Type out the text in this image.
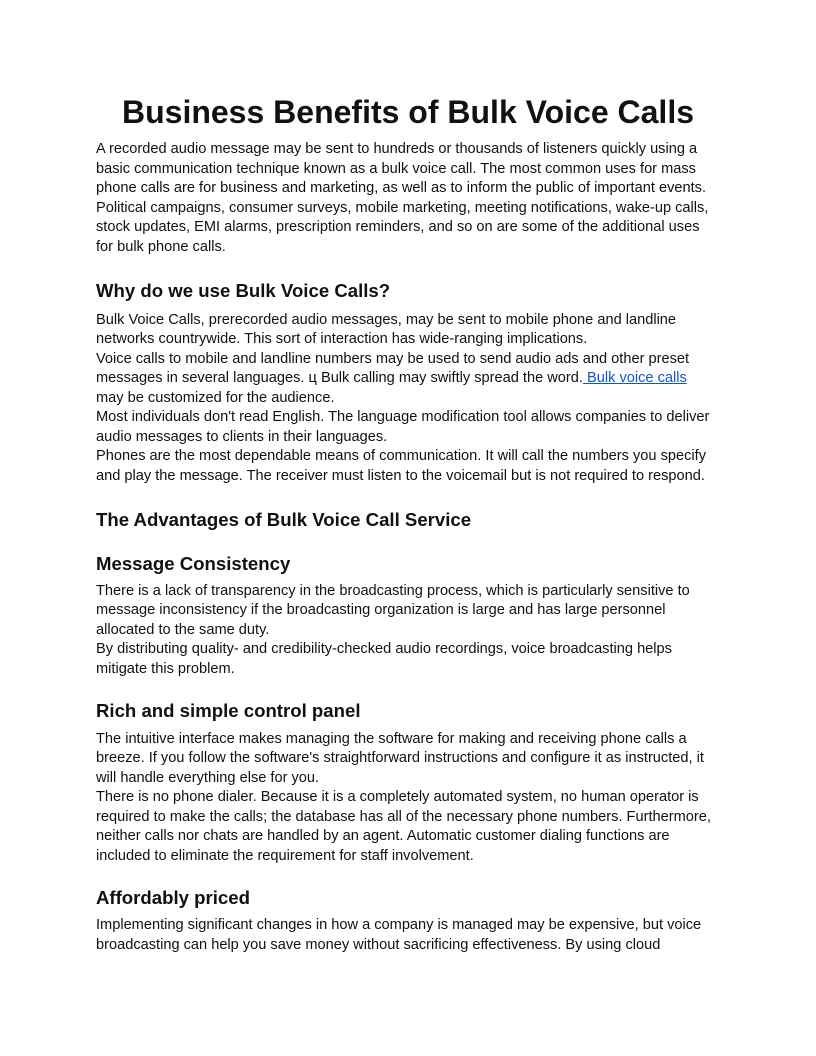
Business Benefits of Bulk Voice Calls

A recorded audio message may be sent to hundreds or thousands of listeners quickly using a basic communication technique known as a bulk voice call. The most common uses for mass phone calls are for business and marketing, as well as to inform the public of important events. Political campaigns, consumer surveys, mobile marketing, meeting notifications, wake-up calls, stock updates, EMI alarms, prescription reminders, and so on are some of the additional uses for bulk phone calls.

Why do we use Bulk Voice Calls?

Bulk Voice Calls, prerecorded audio messages, may be sent to mobile phone and landline networks countrywide. This sort of interaction has wide-ranging implications.

Voice calls to mobile and landline numbers may be used to send audio ads and other preset messages in several languages. ц Bulk calling may swiftly spread the word. Bulk voice calls
may be customized for the audience.

Most individuals don't read English. The language modification tool allows companies to deliver audio messages to clients in their languages.

Phones are the most dependable means of communication. It will call the numbers you specify and play the message. The receiver must listen to the voicemail but is not required to respond.

The Advantages of Bulk Voice Call Service
Message Consistency

There is a lack of transparency in the broadcasting process, which is particularly sensitive to message inconsistency if the broadcasting organization is large and has large personnel allocated to the same duty.

By distributing quality- and credibility-checked audio recordings, voice broadcasting helps mitigate this problem.

Rich and simple control panel

The intuitive interface makes managing the software for making and receiving phone calls a breeze. If you follow the software's straightforward instructions and configure it as instructed, it will handle everything else for you.

There is no phone dialer. Because it is a completely automated system, no human operator is required to make the calls; the database has all of the necessary phone numbers. Furthermore, neither calls nor chats are handled by an agent. Automatic customer dialing functions are included to eliminate the requirement for staff involvement.

Affordably priced

Implementing significant changes in how a company is managed may be expensive, but voice broadcasting can help you save money without sacrificing effectiveness. By using cloud
